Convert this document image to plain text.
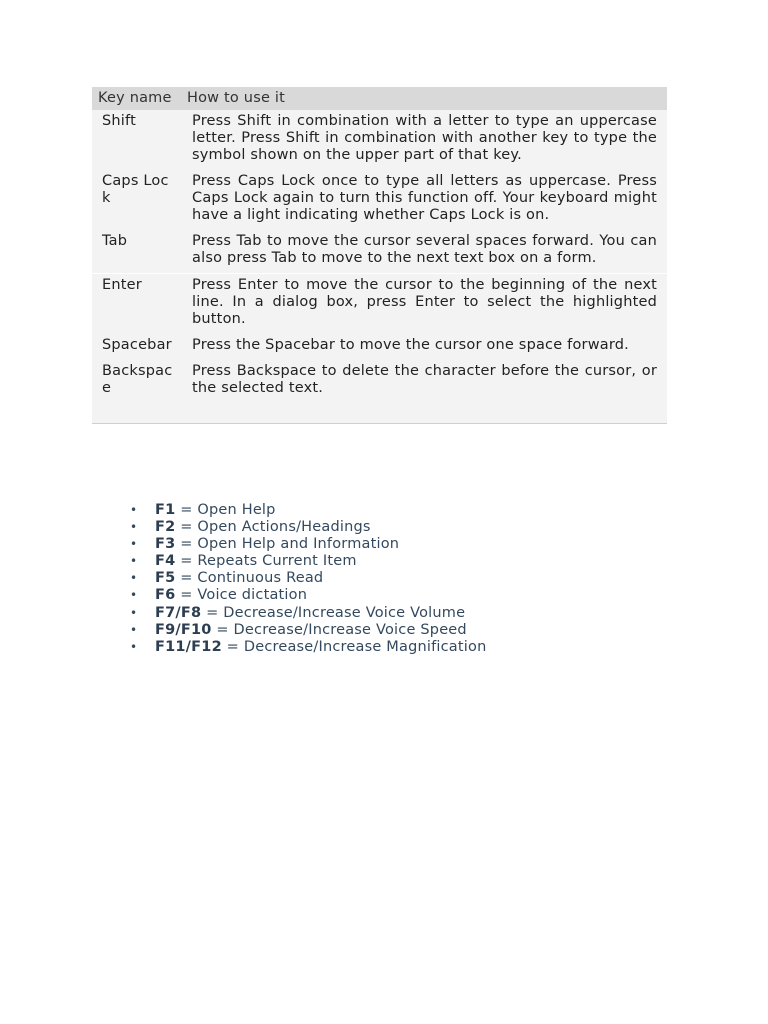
Key name	How to use it
Shift	Press Shift in combination with a letter to type an uppercase letter. Press Shift in combination with another key to type the symbol shown on the upper part of that key.
Caps Lock	Press Caps Lock once to type all letters as uppercase. Press Caps Lock again to turn this function off. Your keyboard might have a light indicating whether Caps Lock is on.
Tab	Press Tab to move the cursor several spaces forward. You can also press Tab to move to the next text box on a form.
Enter	Press Enter to move the cursor to the beginning of the next line. In a dialog box, press Enter to select the highlighted button.
Spacebar	Press the Spacebar to move the cursor one space forward.
Backspace	Press Backspace to delete the character before the cursor, or the selected text.
• F1 = Open Help
• F2 = Open Actions/Headings
• F3 = Open Help and Information
• F4 = Repeats Current Item
• F5 = Continuous Read
• F6 = Voice dictation
• F7/F8 = Decrease/Increase Voice Volume
• F9/F10 = Decrease/Increase Voice Speed
• F11/F12 = Decrease/Increase Magnification
